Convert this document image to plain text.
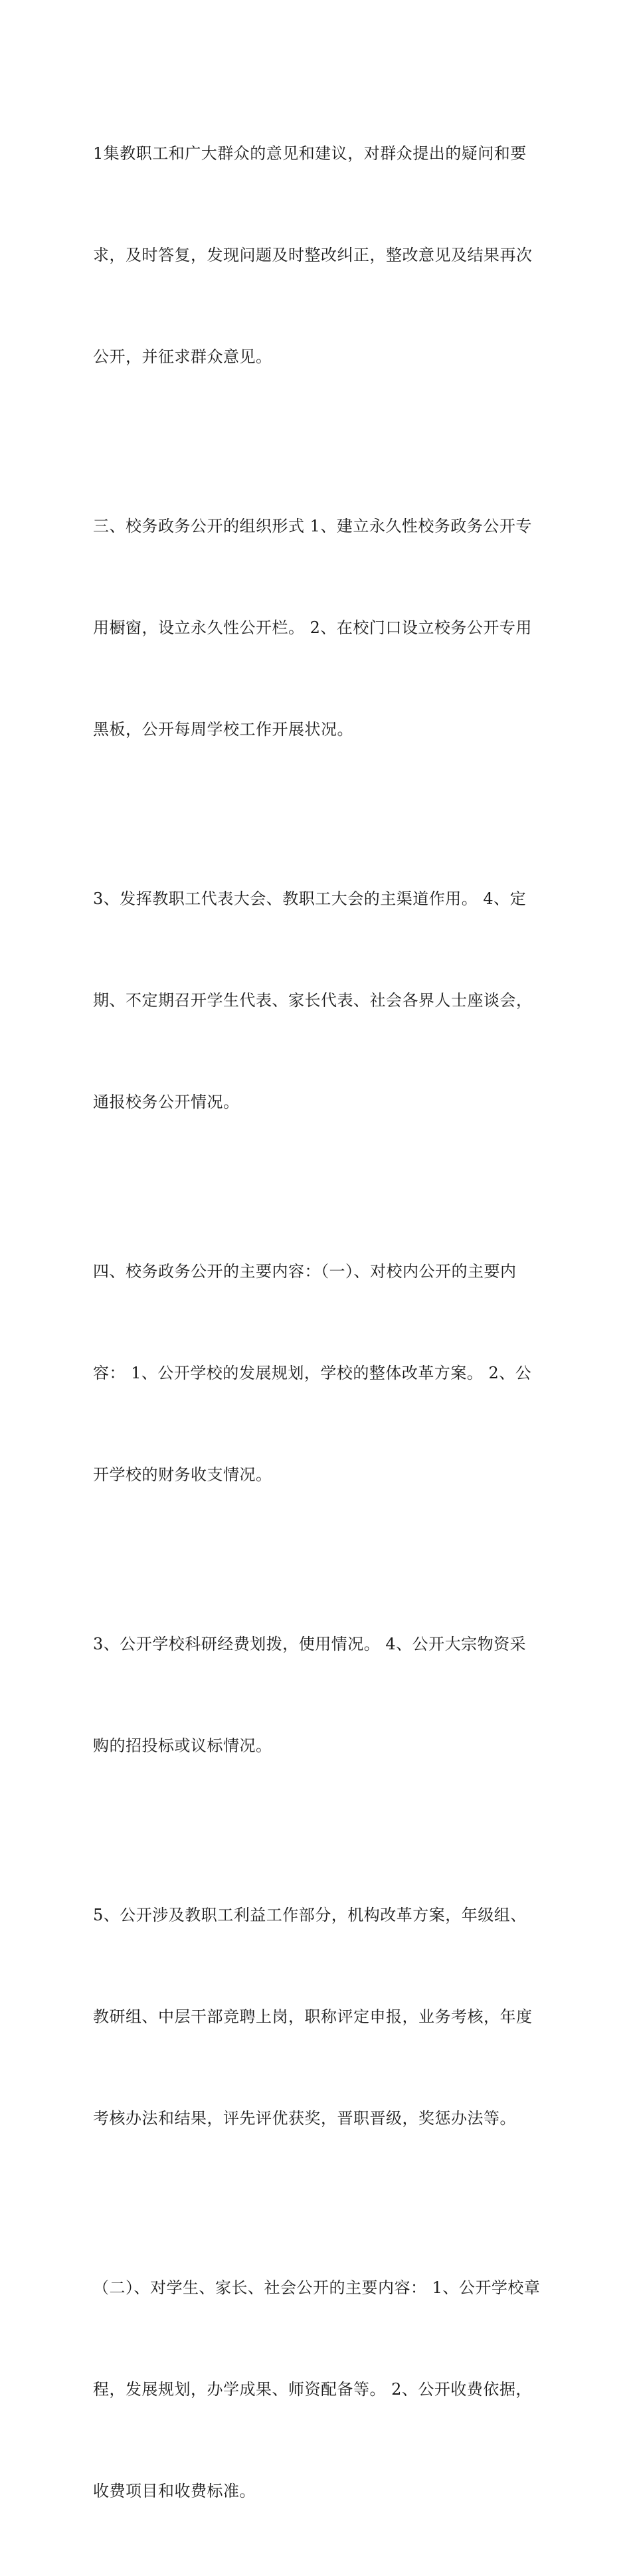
1集教职工和广大群众的意见和建议，对群众提出的疑问和要

求，及时答复，发现问题及时整改纠正，整改意见及结果再次

公开，并征求群众意见。

三、校务政务公开的组织形式 1、建立永久性校务政务公开专

用橱窗，设立永久性公开栏。 2、在校门口设立校务公开专用

黑板，公开每周学校工作开展状况。

3、发挥教职工代表大会、教职工大会的主渠道作用。 4、定

期、不定期召开学生代表、家长代表、社会各界人士座谈会，

通报校务公开情况。

四、校务政务公开的主要内容：（一）、对校内公开的主要内

容： 1、公开学校的发展规划，学校的整体改革方案。 2、公

开学校的财务收支情况。

3、公开学校科研经费划拨，使用情况。 4、公开大宗物资采

购的招投标或议标情况。

5、公开涉及教职工利益工作部分，机构改革方案，年级组、

教研组、中层干部竞聘上岗，职称评定申报，业务考核，年度

考核办法和结果，评先评优获奖，晋职晋级，奖惩办法等。

（二）、对学生、家长、社会公开的主要内容： 1、公开学校章

程，发展规划，办学成果、师资配备等。 2、公开收费依据，

收费项目和收费标准。
